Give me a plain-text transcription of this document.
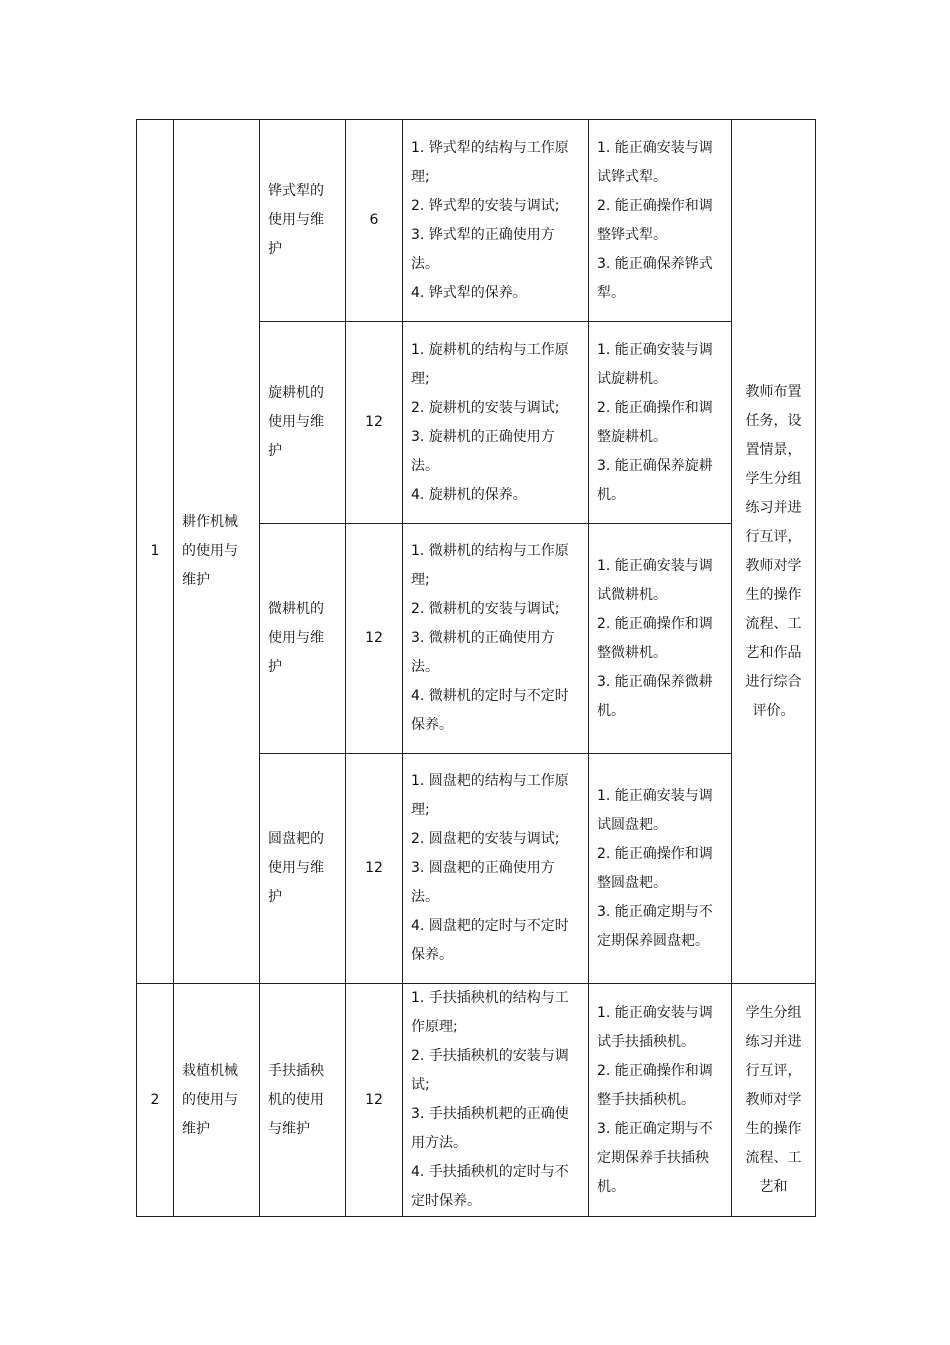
1	耕作机械的使用与维护	铧式犁的使用与维护	6	1. 铧式犁的结构与工作原理;
2. 铧式犁的安装与调试;
3. 铧式犁的正确使用方法。
4. 铧式犁的保养。	1. 能正确安装与调试铧式犁。
2. 能正确操作和调整铧式犁。
3. 能正确保养铧式犁。	教师布置任务，设置情景，学生分组练习并进行互评，教师对学生的操作流程、工艺和作品进行综合评价。
		旋耕机的使用与维护	12	1. 旋耕机的结构与工作原理;
2. 旋耕机的安装与调试;
3. 旋耕机的正确使用方法。
4. 旋耕机的保养。	1. 能正确安装与调试旋耕机。
2. 能正确操作和调整旋耕机。
3. 能正确保养旋耕机。	

		微耕机的使用与维护	12	1. 微耕机的结构与工作原理;
2. 微耕机的安装与调试;
3. 微耕机的正确使用方法。
4. 微耕机的定时与不定时保养。	1. 能正确安装与调试微耕机。
2. 能正确操作和调整微耕机。
3. 能正确保养微耕机。	

		圆盘耙的使用与维护	12	1. 圆盘耙的结构与工作原理;
2. 圆盘耙的安装与调试;
3. 圆盘耙的正确使用方法。
4. 圆盘耙的定时与不定时保养。	1. 能正确安装与调试圆盘耙。
2. 能正确操作和调整圆盘耙。
3. 能正确定期与不定期保养圆盘耙。	

2	栽植机械的使用与维护	手扶插秧机的使用与维护	12	1. 手扶插秧机的结构与工作原理;
2. 手扶插秧机的安装与调试;
3. 手扶插秧机耙的正确使用方法。
4. 手扶插秧机的定时与不定时保养。	1. 能正确安装与调试手扶插秧机。
2. 能正确操作和调整手扶插秧机。
3. 能正确定期与不定期保养手扶插秧机。	学生分组练习并进行互评，教师对学生的操作流程、工艺和
